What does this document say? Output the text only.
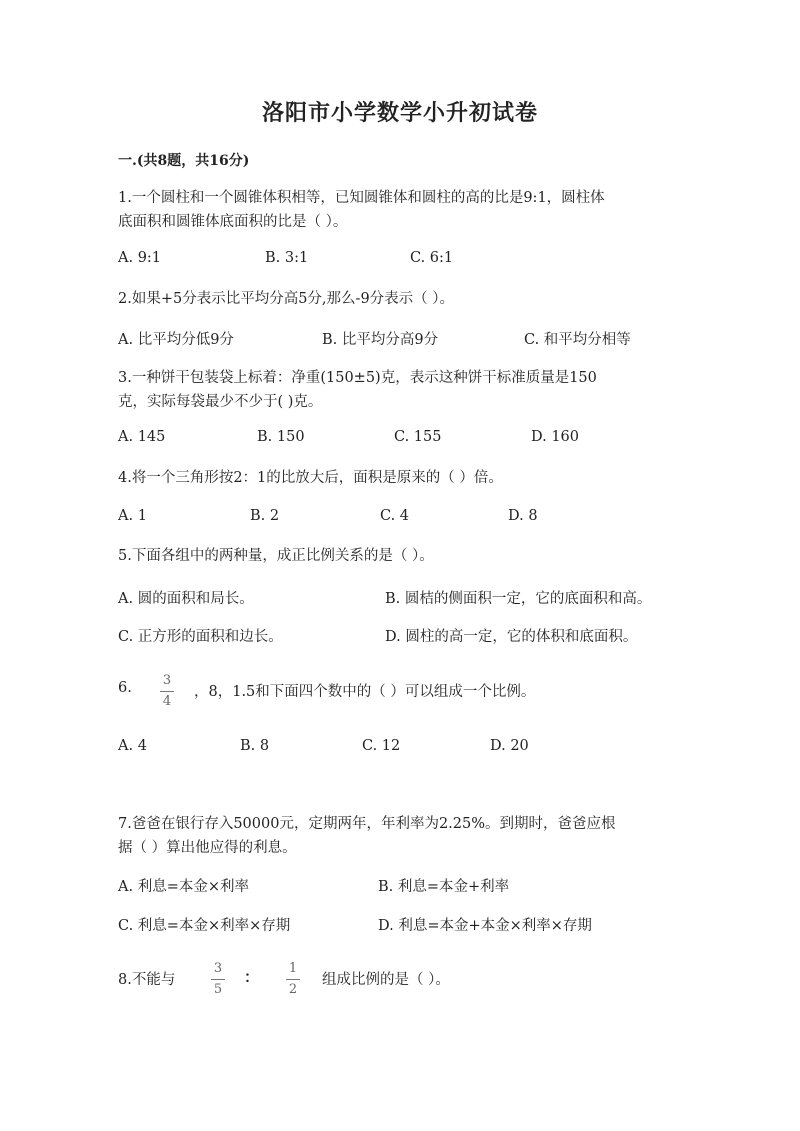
洛阳市小学数学小升初试卷
一.(共8题，共16分)
1.一个圆柱和一个圆锥体积相等，已知圆锥体和圆柱的高的比是9:1，圆柱体
底面积和圆锥体底面积的比是（ ）。
A. 9:1	B. 3:1	C. 6:1
2.如果+5分表示比平均分高5分,那么-9分表示（ ）。
A. 比平均分低9分	B. 比平均分高9分	C. 和平均分相等
3.一种饼干包装袋上标着：净重(150±5)克，表示这种饼干标准质量是150
克，实际每袋最少不少于( )克。
A. 145	B. 150	C. 155	D. 160
4.将一个三角形按2：1的比放大后，面积是原来的（ ）倍。
A. 1	B. 2	C. 4	D. 8
5.下面各组中的两种量，成正比例关系的是（ ）。
A. 圆的面积和局长。	B. 圆桔的侧面积一定，它的底面积和高。
C. 正方形的面积和边长。	D. 圆柱的高一定，它的体积和底面积。
6. 3
4
，8，1.5和下面四个数中的（ ）可以组成一个比例。
A. 4	B. 8	C. 12	D. 20
7.爸爸在银行存入50000元，定期两年，年利率为2.25%。到期时，爸爸应根
据（ ）算出他应得的利息。
A. 利息=本金×利率	B. 利息=本金+利率
C. 利息=本金×利率×存期	D. 利息=本金+本金×利率×存期
8.不能与
3
5
： 1
2
组成比例的是（ ）。
